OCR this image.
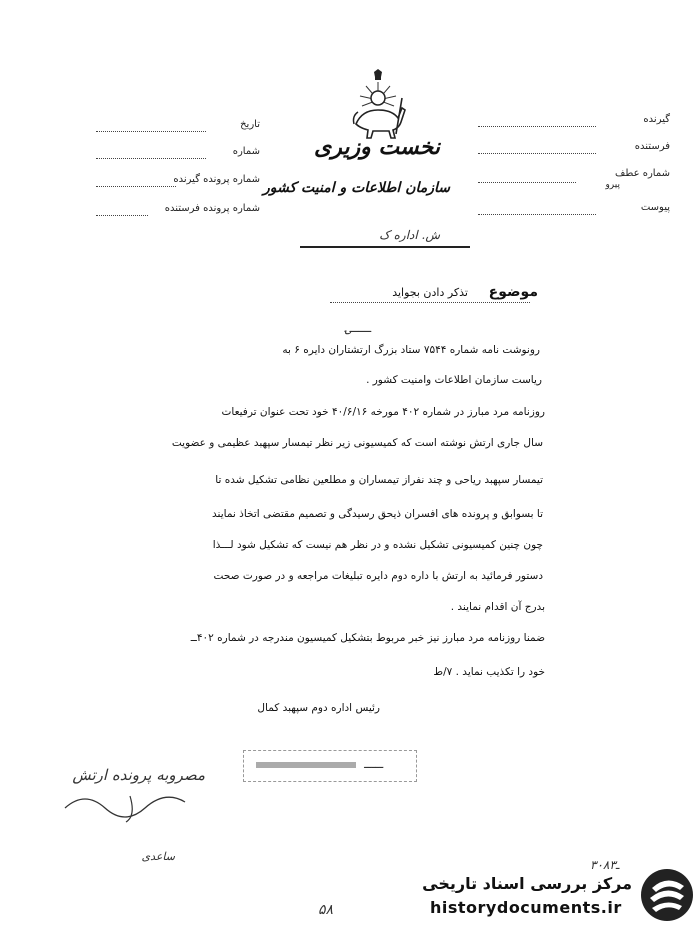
نخست وزیری
سازمان اطلاعات و امنیت کشور
ش. اداره ک
تاریخ
شماره
شماره پرونده گیرنده
شماره پرونده فرستنده
گیرنده
فرستنده
شماره عطف
پیرو
پیوست
موضوع
تذکر دادن بجواید
ـــۍ
رونوشت نامه شماره ۷۵۴۴ ستاد بزرگ ارتشتاران دایره ۶ به
ریاست سازمان اطلاعات وامنیت کشور .
روزنامه مرد مبارز در شماره ۴۰۲ مورخه ۴۰/۶/۱۶ خود تحت عنوان ترفیعات
سال جاری ارتش نوشته است که کمیسیونی زیر نظر تیمسار سپهبد عظیمی و عضویت
تیمسار سپهبد ریاحی و چند نفراز تیمساران و مطلعین نظامی تشکیل شده تا
تا بسوابق و پرونده های افسران ذیحق رسیدگی و تصمیم مقتضی اتخاذ نمایند
چون چنین کمیسیونی تشکیل نشده و در نظر هم نیست که تشکیل شود لـــذا
دستور فرمائید به ارتش با داره دوم دایره تبلیغات مراجعه و در صورت صحت
بدرج آن اقدام نمایند .
ضمنا روزنامه مرد مبارز نیز خبر مربوط بتشکیل کمیسیون مندرجه در شماره ۴۰۲ــ
خود را تکذیب نماید . ۷/ط
رئیس اداره دوم سپهبد کمال
ـــــ
مصروبه پرونده ارتش
ساعدی
۵۸
۳۰۸ـ۳
مرکز بررسی اسناد تاریخی
historydocuments.ir
